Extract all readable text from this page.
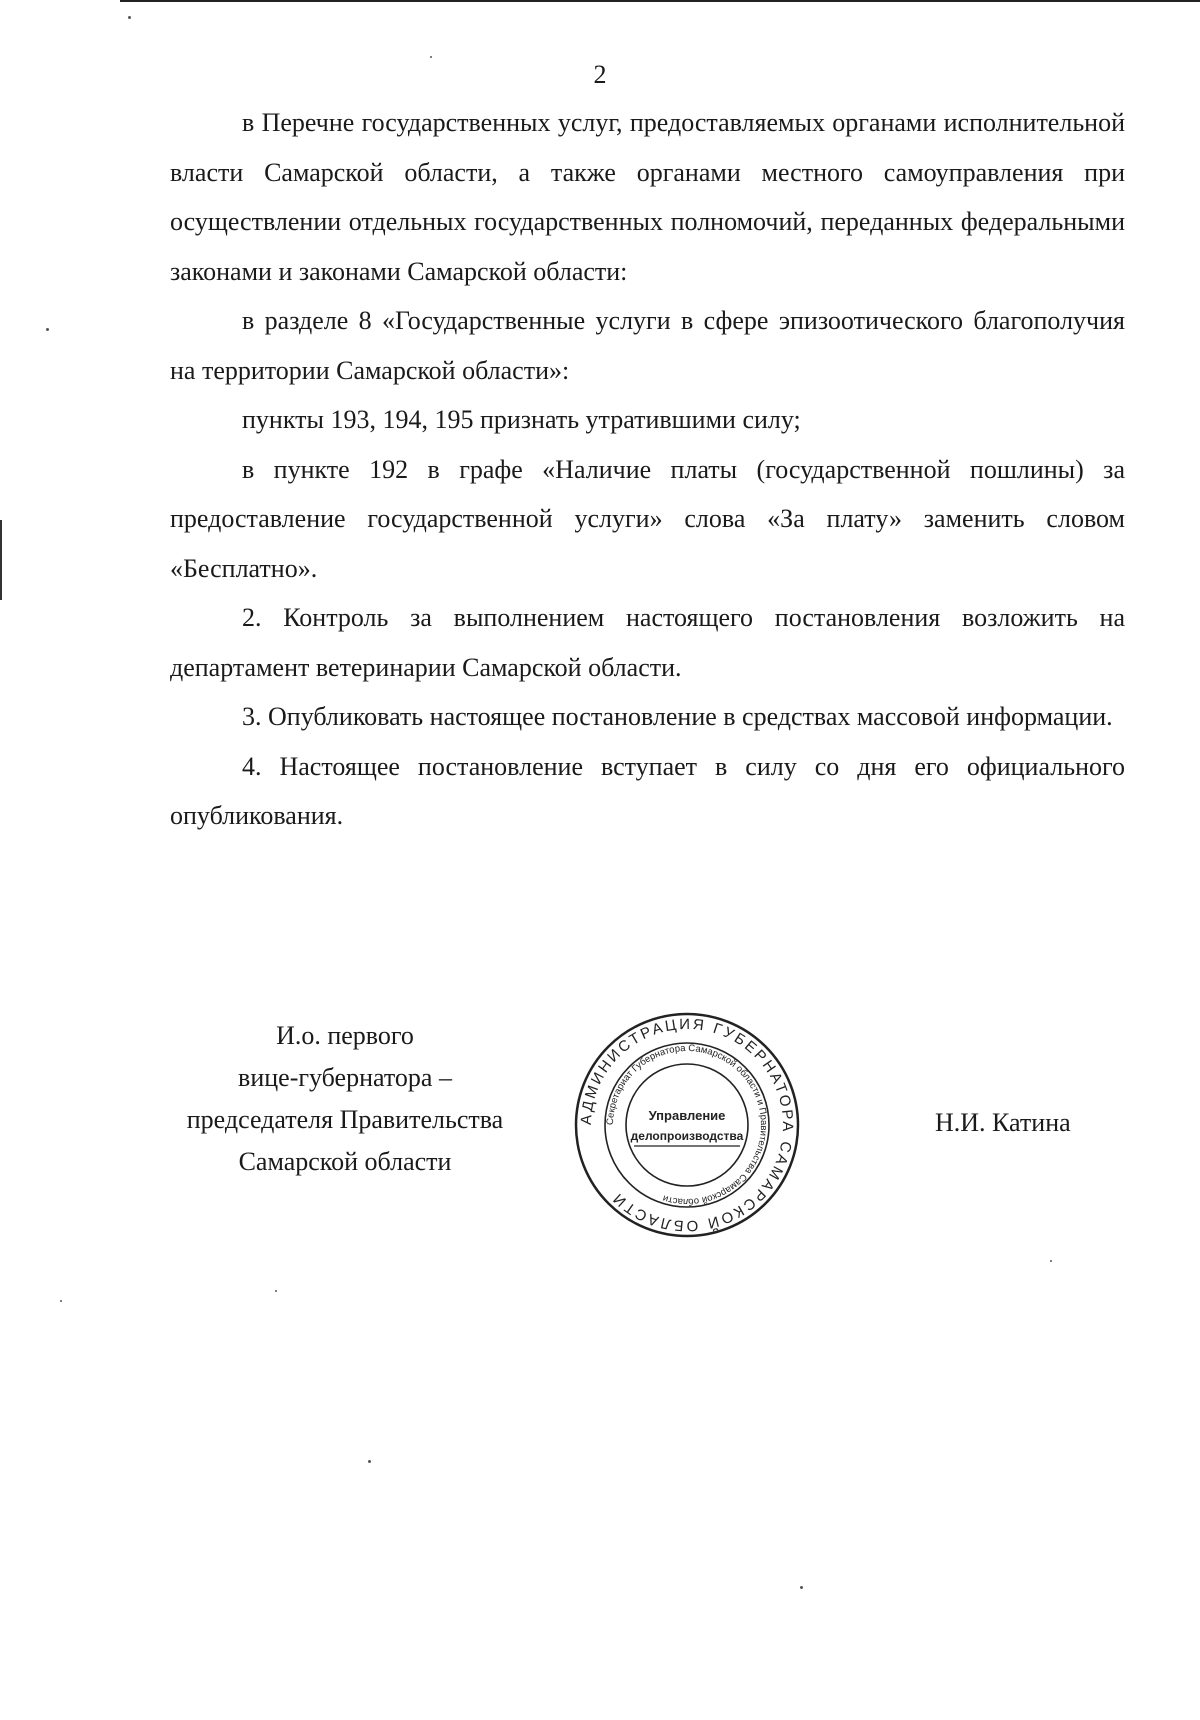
2

в Перечне государственных услуг, предоставляемых органами исполнительной власти Самарской области, а также органами местного самоуправления при осуществлении отдельных государственных полномочий, переданных федеральными законами и законами Самарской области:

в разделе 8 «Государственные услуги в сфере эпизоотического благополучия на территории Самарской области»:

пункты 193, 194, 195 признать утратившими силу;

в пункте 192 в графе «Наличие платы (государственной пошлины) за предоставление государственной услуги» слова «За плату» заменить словом «Бесплатно».

2. Контроль за выполнением настоящего постановления возложить на департамент ветеринарии Самарской области.

3. Опубликовать настоящее постановление в средствах массовой информации.

4. Настоящее постановление вступает в силу со дня его официального опубликования.

И.о. первого
вице-губернатора –
председателя Правительства
Самарской области
АДМИНИСТРАЦИЯ ГУБЕРНАТОРА САМАРСКОЙ ОБЛАСТИ
Секретариат Губернатора Самарской области и Правительства Самарской области
Управление
делопроизводства	Н.И. Катина
